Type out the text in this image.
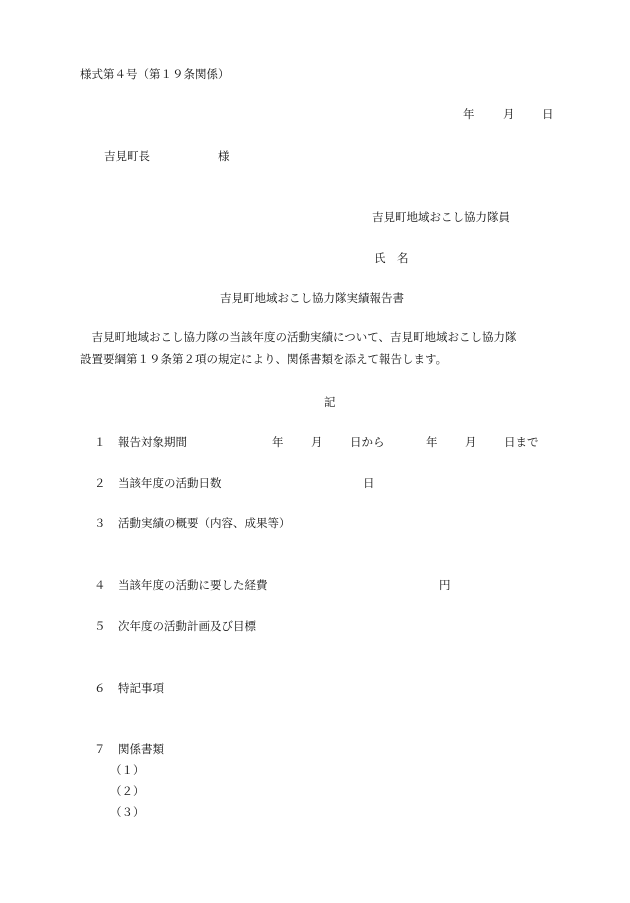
様式第４号（第１９条関係）
年 月 日
吉見町長	様
吉見町地域おこし協力隊員
氏　名
吉見町地域おこし協力隊実績報告書
　吉見町地域おこし協力隊の当該年度の活動実績について、吉見町地域おこし協力隊
設置要綱第１９条第２項の規定により、関係書類を添えて報告します。
記
１ 報告対象期間	年 月 日から	年 月 日まで
２ 当該年度の活動日数	日
３ 活動実績の概要（内容、成果等）
４ 当該年度の活動に要した経費	円
５ 次年度の活動計画及び目標
６ 特記事項
７ 関係書類
（１）
（２）
（３）
